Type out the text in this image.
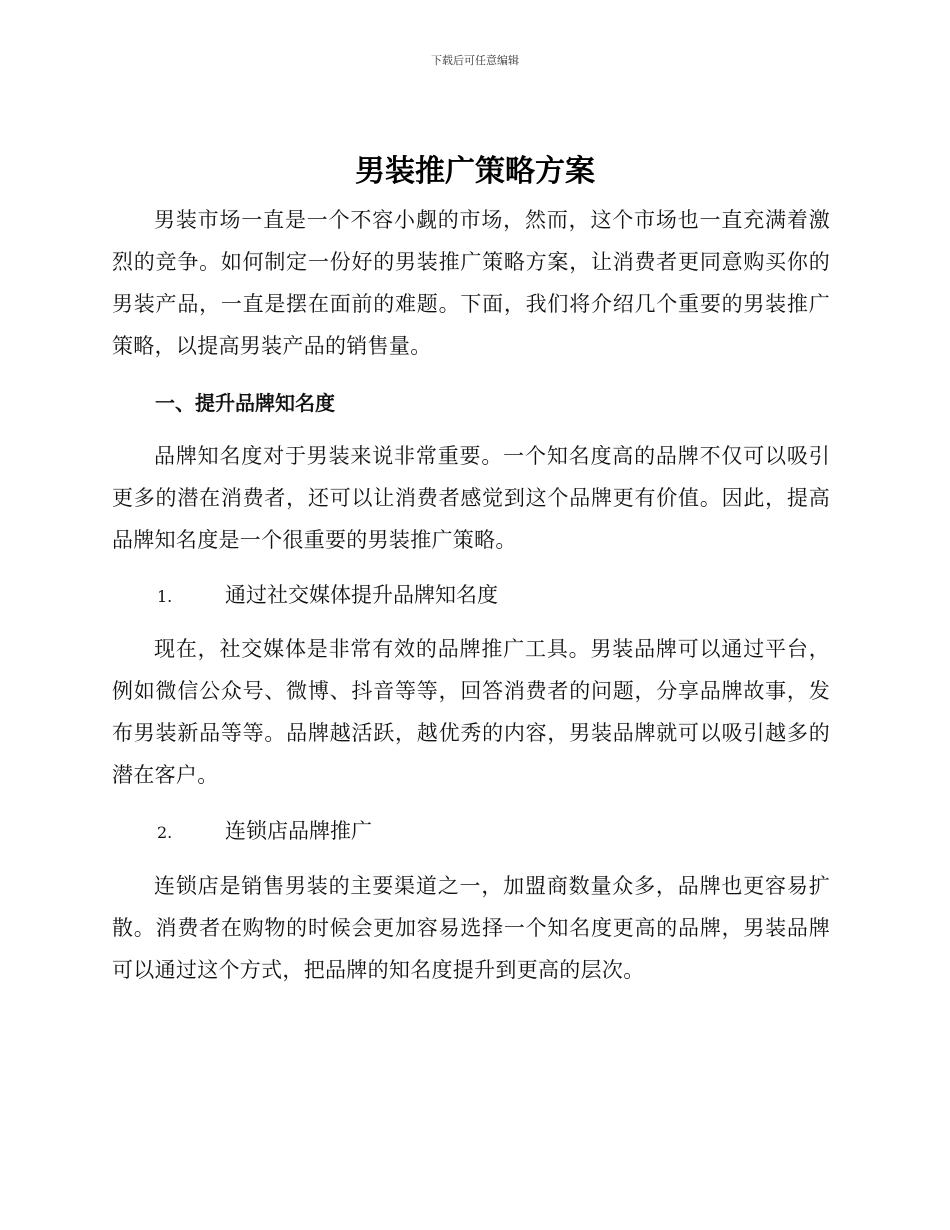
下载后可任意编辑
男装推广策略方案

男装市场一直是一个不容小觑的市场，然而，这个市场也一直充满着激烈的竞争。如何制定一份好的男装推广策略方案，让消费者更同意购买你的男装产品，一直是摆在面前的难题。下面，我们将介绍几个重要的男装推广策略，以提高男装产品的销售量。

一、提升品牌知名度

品牌知名度对于男装来说非常重要。一个知名度高的品牌不仅可以吸引更多的潜在消费者，还可以让消费者感觉到这个品牌更有价值。因此，提高品牌知名度是一个很重要的男装推广策略。

1.	通过社交媒体提升品牌知名度

现在，社交媒体是非常有效的品牌推广工具。男装品牌可以通过平台，例如微信公众号、微博、抖音等等，回答消费者的问题，分享品牌故事，发布男装新品等等。品牌越活跃，越优秀的内容，男装品牌就可以吸引越多的潜在客户。

2.	连锁店品牌推广

连锁店是销售男装的主要渠道之一，加盟商数量众多，品牌也更容易扩散。消费者在购物的时候会更加容易选择一个知名度更高的品牌，男装品牌可以通过这个方式，把品牌的知名度提升到更高的层次。
